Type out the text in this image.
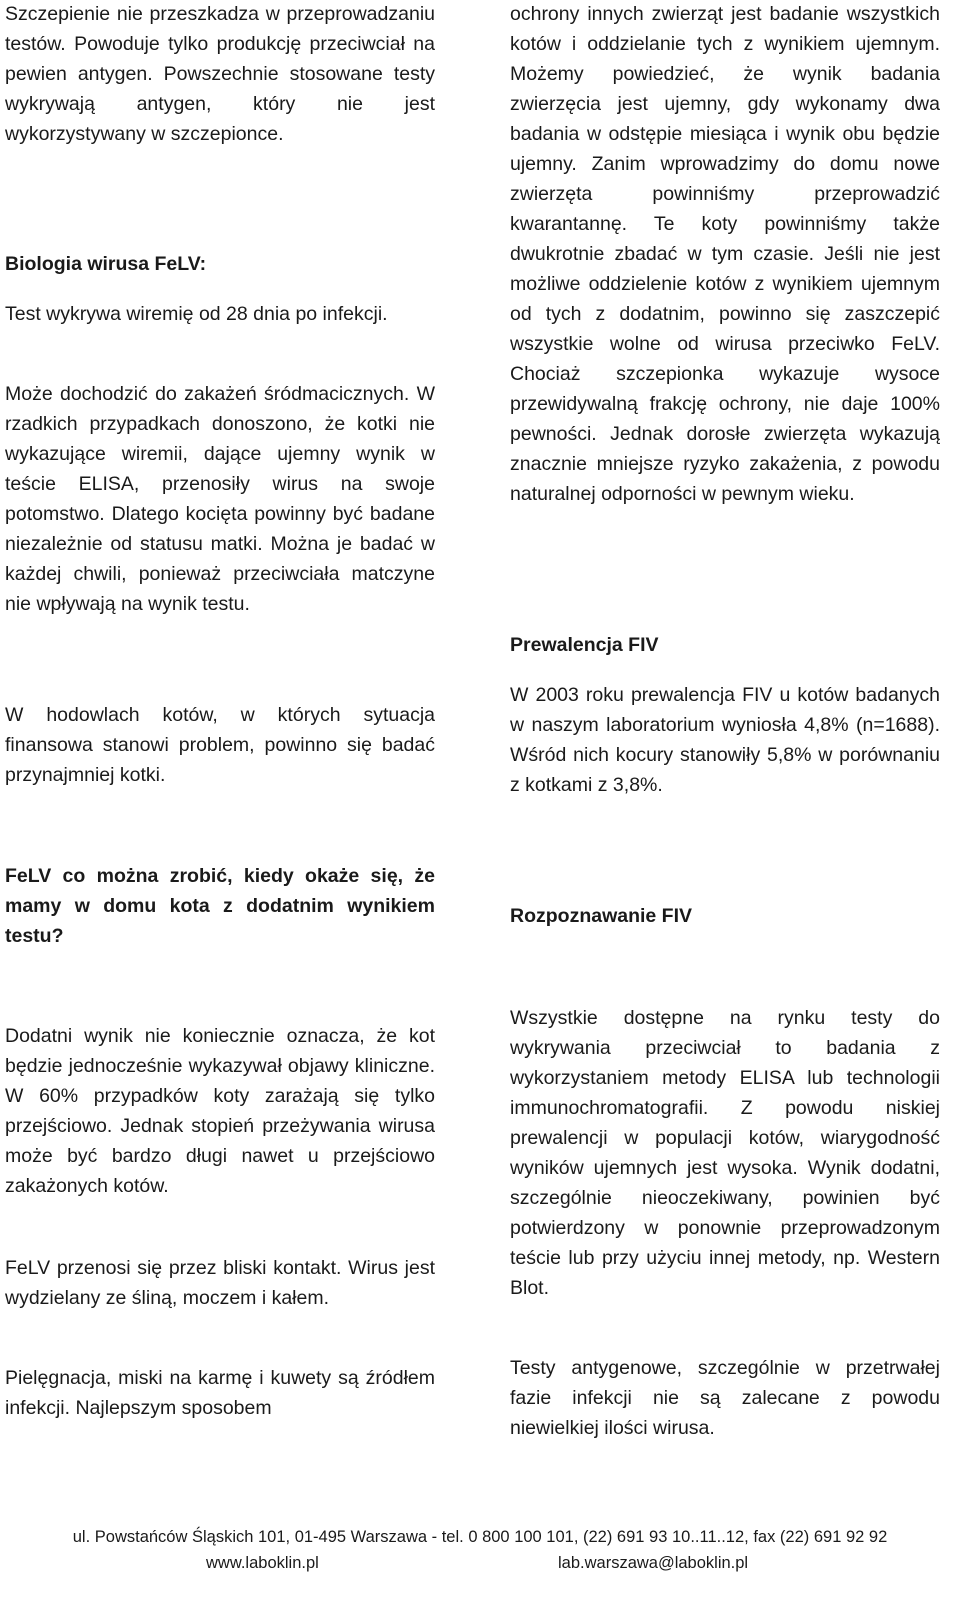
Szczepienie nie przeszkadza w przeprowadzaniu testów. Powoduje tylko produkcję przeciwciał na pewien antygen. Powszechnie stosowane testy wykrywają antygen, który nie jest wykorzystywany w szczepionce.
Biologia wirusa FeLV:
Test wykrywa wiremię od 28 dnia po infekcji.
Może dochodzić do zakażeń śródmacicznych. W rzadkich przypadkach donoszono, że kotki nie wykazujące wiremii, dające ujemny wynik w teście ELISA, przenosiły wirus na swoje potomstwo. Dlatego kocięta powinny być badane niezależnie od statusu matki. Można je badać w każdej chwili, ponieważ przeciwciała matczyne nie wpływają na wynik testu.
W hodowlach kotów, w których sytuacja finansowa stanowi problem, powinno się badać przynajmniej kotki.
FeLV co można zrobić, kiedy okaże się, że mamy w domu kota z dodatnim wynikiem testu?
Dodatni wynik nie koniecznie oznacza, że kot będzie jednocześnie wykazywał objawy kliniczne. W 60% przypadków koty zarażają się tylko przejściowo. Jednak stopień przeżywania wirusa może być bardzo długi nawet u przejściowo zakażonych kotów.
FeLV przenosi się przez bliski kontakt. Wirus jest wydzielany ze śliną, moczem i kałem.
Pielęgnacja, miski na karmę i kuwety są źródłem infekcji. Najlepszym sposobem
ochrony innych zwierząt jest badanie wszystkich kotów i oddzielanie tych z wynikiem ujemnym. Możemy powiedzieć, że wynik badania zwierzęcia jest ujemny, gdy wykonamy dwa badania w odstępie miesiąca i wynik obu będzie ujemny. Zanim wprowadzimy do domu nowe zwierzęta powinniśmy przeprowadzić kwarantannę. Te koty powinniśmy także dwukrotnie zbadać w tym czasie. Jeśli nie jest możliwe oddzielenie kotów z wynikiem ujemnym od tych z dodatnim, powinno się zaszczepić wszystkie wolne od wirusa przeciwko FeLV. Chociaż szczepionka wykazuje wysoce przewidywalną frakcję ochrony, nie daje 100% pewności. Jednak dorosłe zwierzęta wykazują znacznie mniejsze ryzyko zakażenia, z powodu naturalnej odporności w pewnym wieku.
Prewalencja FIV
W 2003 roku prewalencja FIV u kotów badanych w naszym laboratorium wyniosła 4,8% (n=1688). Wśród nich kocury stanowiły 5,8% w porównaniu z kotkami z 3,8%.
Rozpoznawanie FIV
Wszystkie dostępne na rynku testy do wykrywania przeciwciał to badania z wykorzystaniem metody ELISA lub technologii immunochromatografii. Z powodu niskiej prewalencji w populacji kotów, wiarygodność wyników ujemnych jest wysoka. Wynik dodatni, szczególnie nieoczekiwany, powinien być potwierdzony w ponownie przeprowadzonym teście lub przy użyciu innej metody, np. Western Blot.
Testy antygenowe, szczególnie w przetrwałej fazie infekcji nie są zalecane z powodu niewielkiej ilości wirusa.
ul. Powstańców Śląskich 101, 01-495 Warszawa - tel. 0 800 100 101, (22) 691 93 10..11..12, fax (22) 691 92 92
www.laboklin.pl	lab.warszawa@laboklin.pl
